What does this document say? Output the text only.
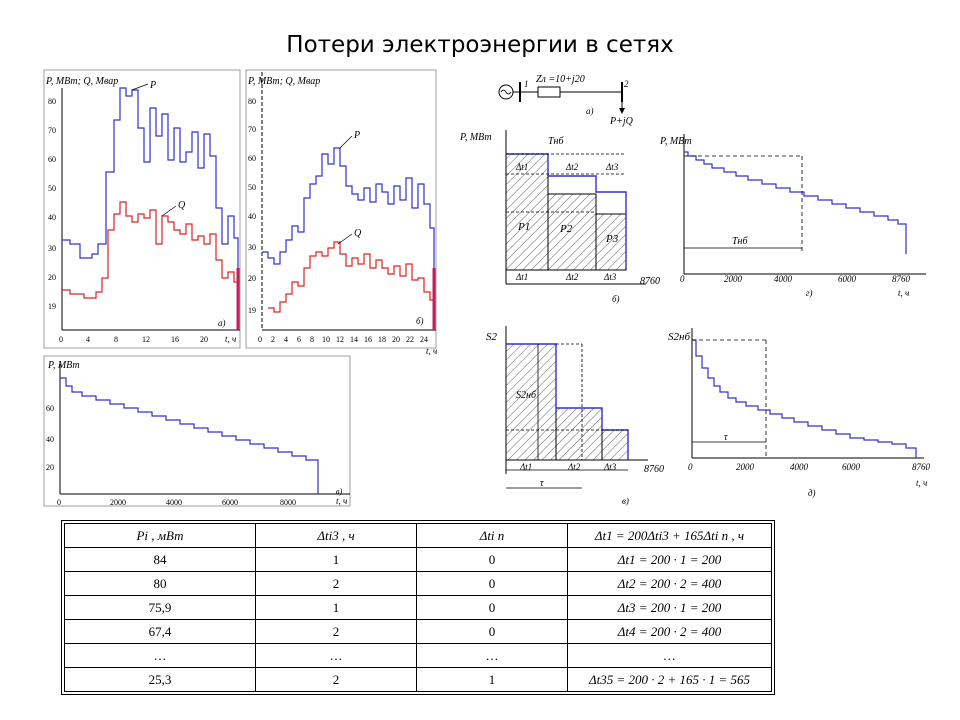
Потери электроэнергии в сетях
P, МВт; Q, Мвар
19
20
30
40
50
60
70
80
0	4	8	12	16	20 t, ч
а)
P
Q
P, МВт; Q, Мвар
19
20
30
40
50
60
70
80
0 2 4 6 8 10 12 14 16 18 20 22 24
t, ч
б)
P
Q
P, МВт
20
40
60
0	2000	4000	6000	8000	t, ч
в)
1	2
Zл =10+j20
P+jQ
а)
P, МВт	Tнб
Δt1	Δt2	Δt3
P1	P2
P3
Δt1	Δt2	Δt3 8760
б)
P, МВт
Tнб
0	2000	4000	6000	8760
г)	t, ч
S2
S2нб
Δt1	Δt2	Δt3
τ
8760
в)
S2нб
τ
0	2000	4000	6000	8760
д)
t, ч
Pi , мВт	Δti3 , ч	Δti п	Δt1 = 200Δti3 + 165Δti п , ч
84	1	0	Δt1 = 200 · 1 = 200
80	2	0	Δt2 = 200 · 2 = 400
75,9	1	0	Δt3 = 200 · 1 = 200
67,4	2	0	Δt4 = 200 · 2 = 400
…	…	…	…
25,3	2	1	Δt35 = 200 · 2 + 165 · 1 = 565
